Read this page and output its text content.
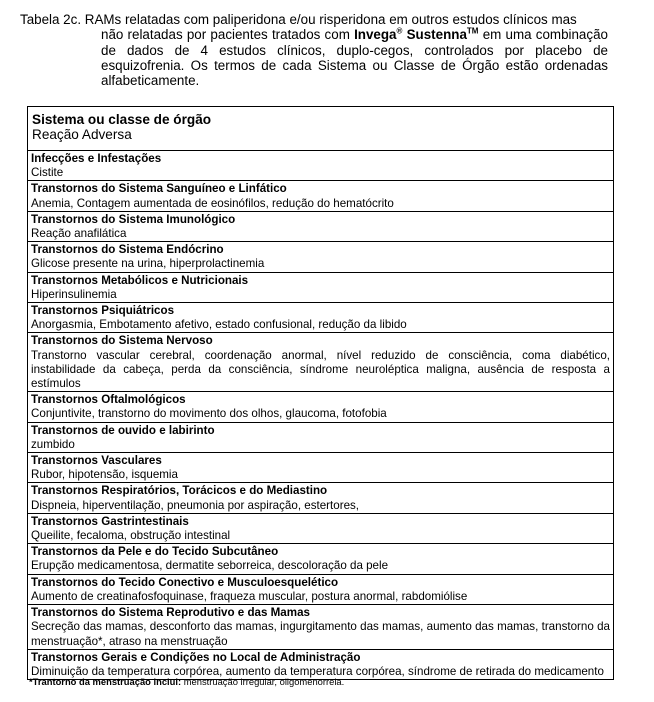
Tabela 2c. RAMs relatadas com paliperidona e/ou risperidona em outros estudos clínicos mas
não relatadas por pacientes tratados com Invega® Sustenna™ em uma combinação de dados de 4 estudos clínicos, duplo-cegos, controlados por placebo de esquizofrenia. Os termos de cada Sistema ou Classe de Órgão estão ordenadas alfabeticamente.
Sistema ou classe de órgão
Reação Adversa
Infecções e Infestações
Cistite
Transtornos do Sistema Sanguíneo e Linfático
Anemia, Contagem aumentada de eosinófilos, redução do hematócrito
Transtornos do Sistema Imunológico
Reação anafilática
Transtornos do Sistema Endócrino
Glicose presente na urina, hiperprolactinemia
Transtornos Metabólicos e Nutricionais
Hiperinsulinemia
Transtornos Psiquiátricos
Anorgasmia, Embotamento afetivo, estado confusional, redução da libido
Transtornos do Sistema Nervoso
Transtorno vascular cerebral, coordenação anormal, nível reduzido de consciência, coma diabético, instabilidade da cabeça, perda da consciência, síndrome neuroléptica maligna, ausência de resposta a estímulos
Transtornos Oftalmológicos
Conjuntivite, transtorno do movimento dos olhos, glaucoma, fotofobia
Transtornos de ouvido e labirinto
zumbido
Transtornos Vasculares
Rubor, hipotensão, isquemia
Transtornos Respiratórios, Torácicos e do Mediastino
Dispneia, hiperventilação, pneumonia por aspiração, estertores,
Transtornos Gastrintestinais
Queilite, fecaloma, obstrução intestinal
Transtornos da Pele e do Tecido Subcutâneo
Erupção medicamentosa, dermatite seborreica, descoloração da pele
Transtornos do Tecido Conectivo e Musculoesquelético
Aumento de creatinafosfoquinase, fraqueza muscular, postura anormal, rabdomiólise
Transtornos do Sistema Reprodutivo e das Mamas
Secreção das mamas, desconforto das mamas, ingurgitamento das mamas, aumento das mamas, transtorno da menstruação*, atraso na menstruação
Transtornos Gerais e Condições no Local de Administração
Diminuição da temperatura corpórea, aumento da temperatura corpórea, síndrome de retirada do medicamento
*Trantorno da menstruação inclui: menstruação irregular, oligomenorreia.
